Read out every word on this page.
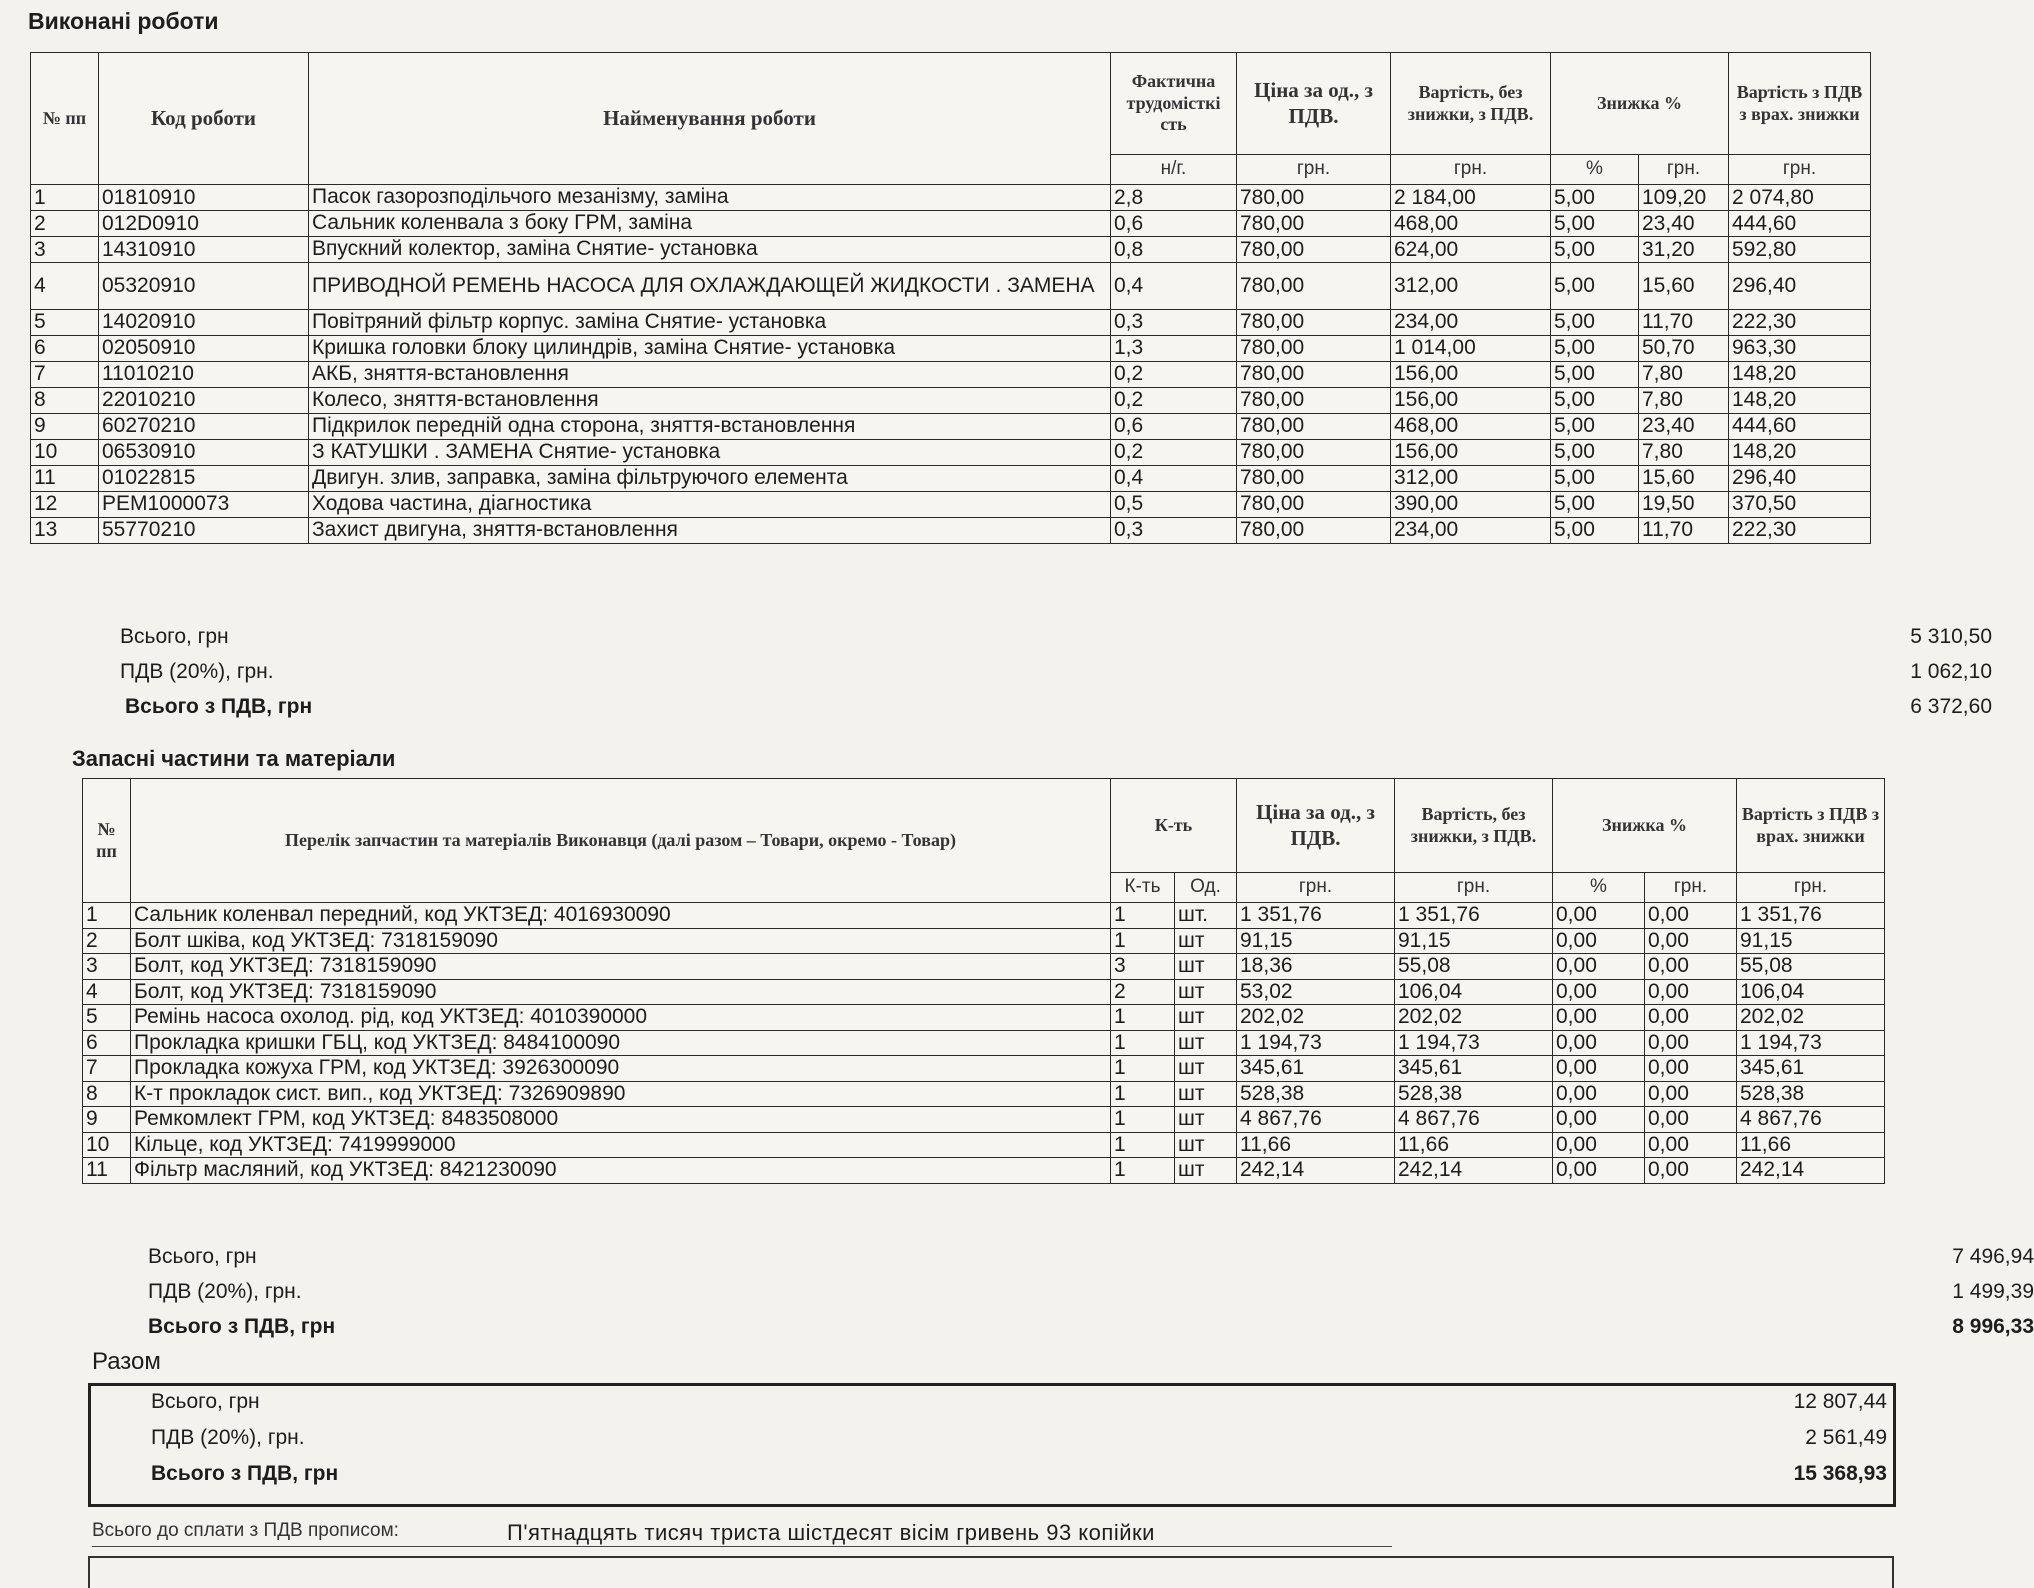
Виконані роботи
№ пп	Код роботи	Найменування роботи	Фактична трудомісткі сть	Ціна за од., з ПДВ.	Вартість, без знижки, з ПДВ.	Знижка %		Вартість з ПДВ з врах. знижки
			н/г.	грн.	грн.	%	грн.	грн.
1	01810910	Пасок газорозподільчого мезанізму, заміна	2,8	780,00	2 184,00	5,00	109,20	2 074,80
2	012D0910	Сальник коленвала з боку ГРМ, заміна	0,6	780,00	468,00	5,00	23,40	444,60
3	14310910	Впускний колектор, заміна Снятие- установка	0,8	780,00	624,00	5,00	31,20	592,80
4	05320910	ПРИВОДНОЙ РЕМЕНЬ НАСОСА ДЛЯ ОХЛАЖДАЮЩЕЙ ЖИДКОСТИ . ЗАМЕНА	0,4	780,00	312,00	5,00	15,60	296,40
5	14020910	Повітряний фільтр корпус. заміна Снятие- установка	0,3	780,00	234,00	5,00	11,70	222,30
6	02050910	Кришка головки блоку цилиндрів, заміна Снятие- установка	1,3	780,00	1 014,00	5,00	50,70	963,30
7	11010210	АКБ, зняття-встановлення	0,2	780,00	156,00	5,00	7,80	148,20
8	22010210	Колесо, зняття-встановлення	0,2	780,00	156,00	5,00	7,80	148,20
9	60270210	Підкрилок передній одна сторона, зняття-встановлення	0,6	780,00	468,00	5,00	23,40	444,60
10	06530910	З КАТУШКИ . ЗАМЕНА Снятие- установка	0,2	780,00	156,00	5,00	7,80	148,20
11	01022815	Двигун. злив, заправка, заміна фільтруючого елемента	0,4	780,00	312,00	5,00	15,60	296,40
12	PEM1000073	Ходова частина, діагностика	0,5	780,00	390,00	5,00	19,50	370,50
13	55770210	Захист двигуна, зняття-встановлення	0,3	780,00	234,00	5,00	11,70	222,30
Всього, грн	5 310,50
ПДВ (20%), грн.	1 062,10
Всього з ПДВ, грн	6 372,60
Запасні частини та матеріали
№ пп	Перелік запчастин та матеріалів Виконавця (далі разом – Товари, окремо - Товар)	К-ть		Ціна за од., з ПДВ.	Вартість, без знижки, з ПДВ.	Знижка %		Вартість з ПДВ з врах. знижки
		К-ть	Од.	грн.	грн.	%	грн.	грн.
1	Сальник коленвал передний, код УКТЗЕД: 4016930090	1	шт.	1 351,76	1 351,76	0,00	0,00	1 351,76
2	Болт шківа, код УКТЗЕД: 7318159090	1	шт	91,15	91,15	0,00	0,00	91,15
3	Болт, код УКТЗЕД: 7318159090	3	шт	18,36	55,08	0,00	0,00	55,08
4	Болт, код УКТЗЕД: 7318159090	2	шт	53,02	106,04	0,00	0,00	106,04
5	Ремінь насоса охолод. рід, код УКТЗЕД: 4010390000	1	шт	202,02	202,02	0,00	0,00	202,02
6	Прокладка кришки ГБЦ, код УКТЗЕД: 8484100090	1	шт	1 194,73	1 194,73	0,00	0,00	1 194,73
7	Прокладка кожуха ГРМ, код УКТЗЕД: 3926300090	1	шт	345,61	345,61	0,00	0,00	345,61
8	К-т прокладок сист. вип., код УКТЗЕД: 7326909890	1	шт	528,38	528,38	0,00	0,00	528,38
9	Ремкомлект ГРМ, код УКТЗЕД: 8483508000	1	шт	4 867,76	4 867,76	0,00	0,00	4 867,76
10	Кільце, код УКТЗЕД: 7419999000	1	шт	11,66	11,66	0,00	0,00	11,66
11	Фільтр масляний, код УКТЗЕД: 8421230090	1	шт	242,14	242,14	0,00	0,00	242,14
Всього, грн	7 496,94
ПДВ (20%), грн.	1 499,39
Всього з ПДВ, грн	8 996,33
Разом
Всього, грн	12 807,44
ПДВ (20%), грн.	2 561,49
Всього з ПДВ, грн	15 368,93
Всього до сплати з ПДВ прописом:	П'ятнадцять тисяч триста шістдесят вісім гривень 93 копійки
